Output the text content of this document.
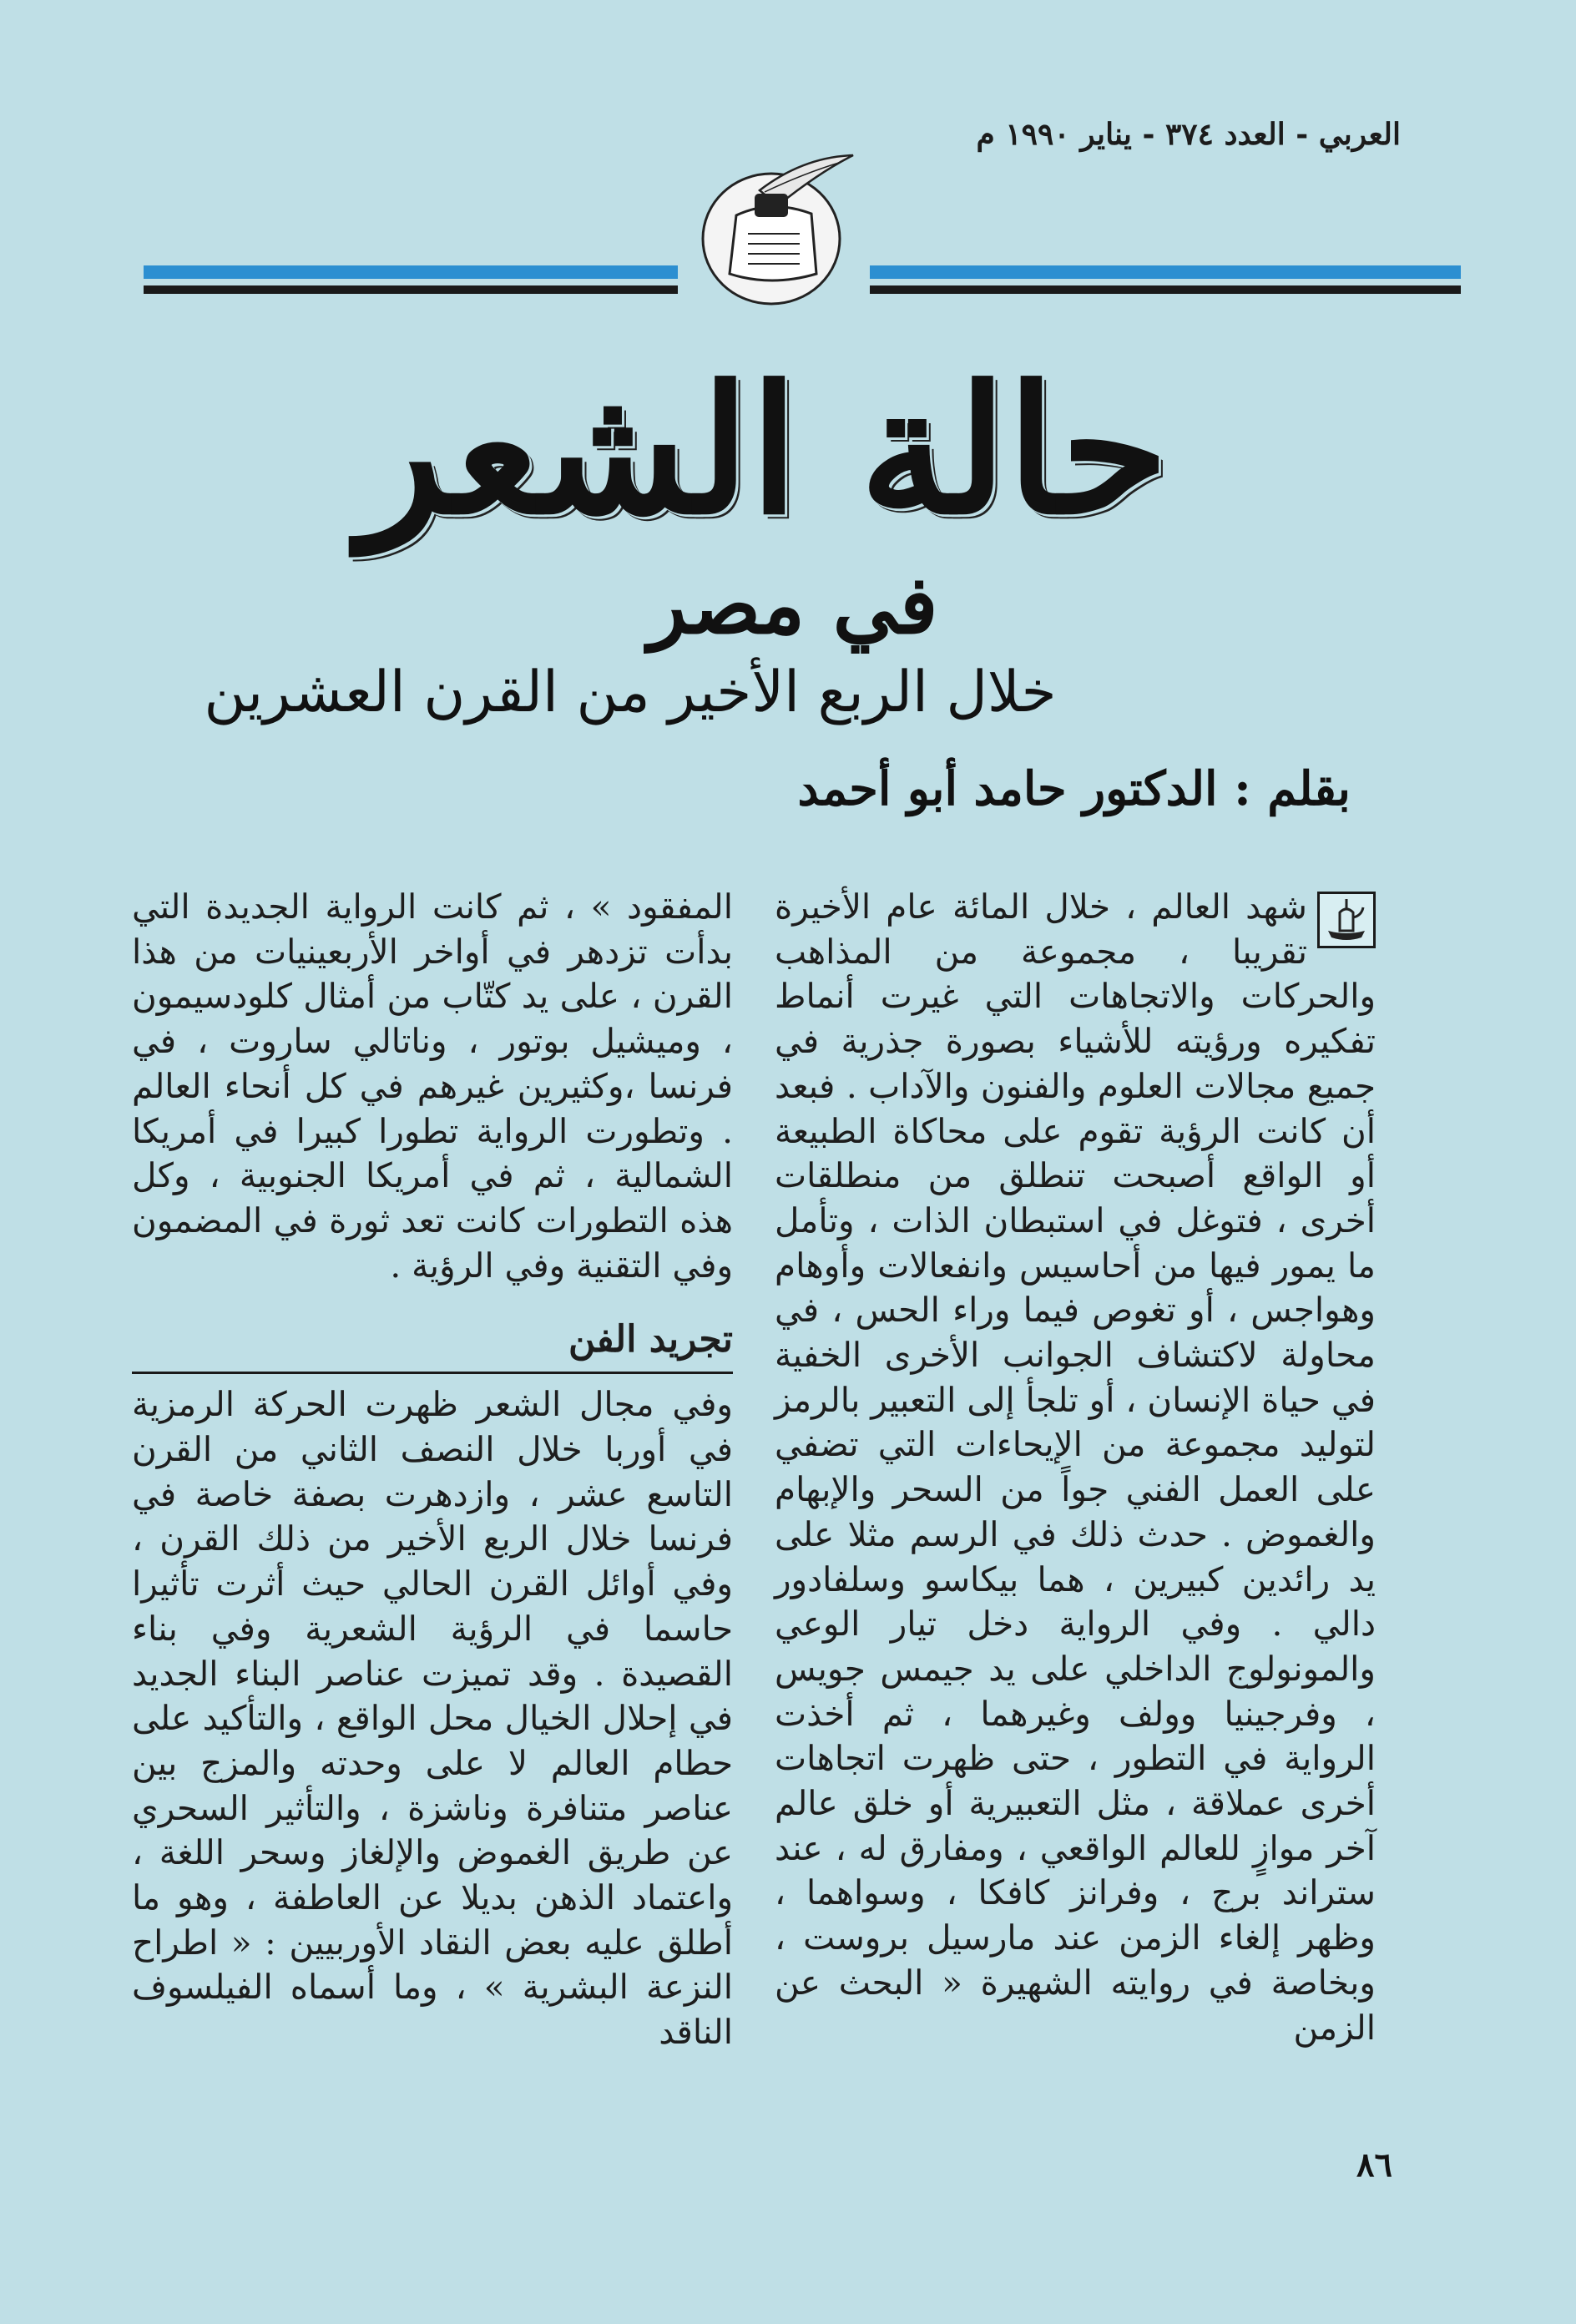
العربي - العدد ٣٧٤ - يناير ١٩٩٠ م
حالة الشعر
في مصر
خلال الربع الأخير من القرن العشرين
بقلم : الدكتور حامد أبو أحمد

شهد العالم ، خلال المائة عام الأخيرة تقريبا ، مجموعة من المذاهب والحركات والاتجاهات التي غيرت أنماط تفكيره ورؤيته للأشياء بصورة جذرية في جميع مجالات العلوم والفنون والآداب . فبعد أن كانت الرؤية تقوم على محاكاة الطبيعة أو الواقع أصبحت تنطلق من منطلقات أخرى ، فتوغل في استبطان الذات ، وتأمل ما يمور فيها من أحاسيس وانفعالات وأوهام وهواجس ، أو تغوص فيما وراء الحس ، في محاولة لاكتشاف الجوانب الأخرى الخفية في حياة الإنسان ، أو تلجأ إلى التعبير بالرمز لتوليد مجموعة من الإيحاءات التي تضفي على العمل الفني جواً من السحر والإبهام والغموض . حدث ذلك في الرسم مثلا على يد رائدين كبيرين ، هما بيكاسو وسلفادور دالي . وفي الرواية دخل تيار الوعي والمونولوج الداخلي على يد جيمس جويس ، وفرجينيا وولف وغيرهما ، ثم أخذت الرواية في التطور ، حتى ظهرت اتجاهات أخرى عملاقة ، مثل التعبيرية أو خلق عالم آخر موازٍ للعالم الواقعي ، ومفارق له ، عند ستراند برج ، وفرانز كافكا ، وسواهما ، وظهر إلغاء الزمن عند مارسيل بروست ، وبخاصة في روايته الشهيرة « البحث عن الزمن

المفقود » ، ثم كانت الرواية الجديدة التي بدأت تزدهر في أواخر الأربعينيات من هذا القرن ، على يد كتّاب من أمثال كلودسيمون ، وميشيل بوتور ، وناتالي ساروت ، في فرنسا ،وكثيرين غيرهم في كل أنحاء العالم . وتطورت الرواية تطورا كبيرا في أمريكا الشمالية ، ثم في أمريكا الجنوبية ، وكل هذه التطورات كانت تعد ثورة في المضمون وفي التقنية وفي الرؤية .

تجريد الفن

وفي مجال الشعر ظهرت الحركة الرمزية في أوربا خلال النصف الثاني من القرن التاسع عشر ، وازدهرت بصفة خاصة في فرنسا خلال الربع الأخير من ذلك القرن ، وفي أوائل القرن الحالي حيث أثرت تأثيرا حاسما في الرؤية الشعرية وفي بناء القصيدة . وقد تميزت عناصر البناء الجديد في إحلال الخيال محل الواقع ، والتأكيد على حطام العالم لا على وحدته والمزج بين عناصر متنافرة وناشزة ، والتأثير السحري عن طريق الغموض والإلغاز وسحر اللغة ، واعتماد الذهن بديلا عن العاطفة ، وهو ما أطلق عليه بعض النقاد الأوربيين : « اطراح النزعة البشرية » ، وما أسماه الفيلسوف الناقد

٨٦
